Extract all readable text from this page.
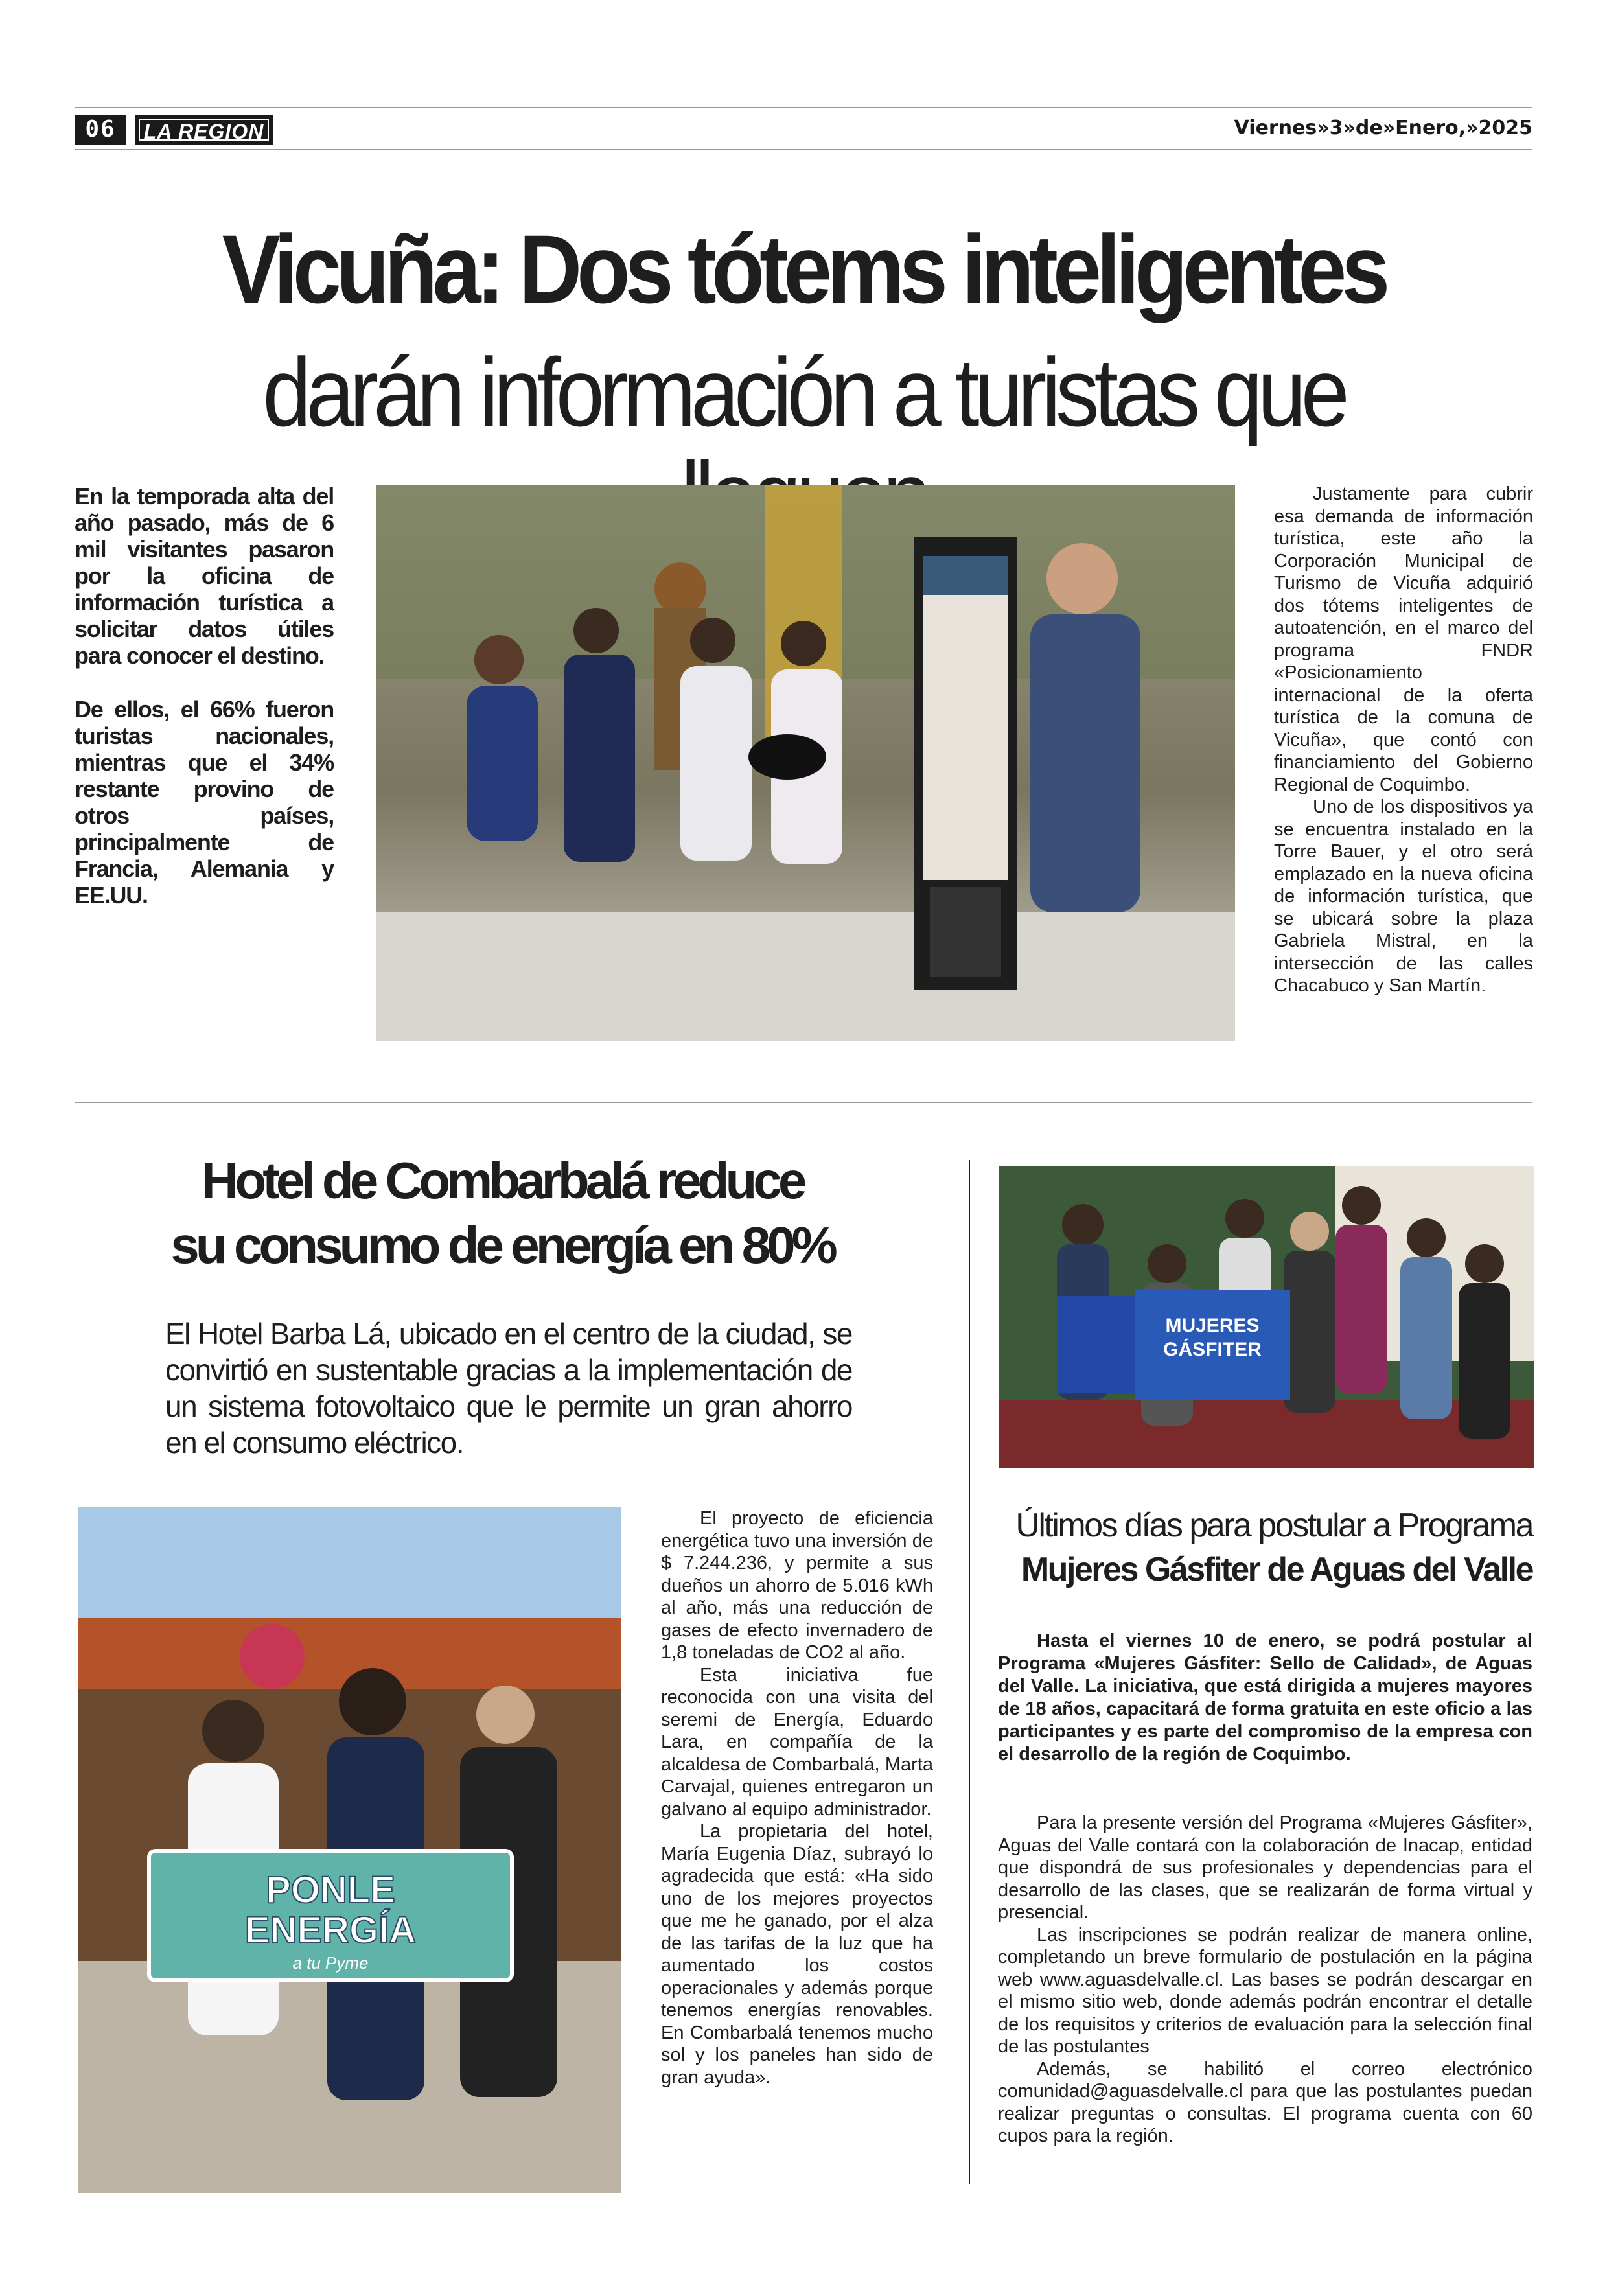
06	LA REGION	Viernes»3»de»Enero,»2025
Vicuña: Dos tótems inteligentes
darán información a turistas que

En la temporada alta del año pasado, más de 6 mil visitantes pasaron por la oficina de información turística a solicitar datos útiles para conocer el destino.

De ellos, el 66% fueron turistas nacionales, mientras que el 34% restante provino de otros países, principalmente de Francia, Alemania y EE.UU.

Justamente para cubrir esa demanda de información turística, este año la Corporación Municipal de Turismo de Vicuña adquirió dos tótems inteligentes de autoatención, en el marco del programa FNDR «Posicionamiento internacional de la oferta turística de la comuna de Vicuña», que contó con financiamiento del Gobierno Regional de Coquimbo.

Uno de los dispositivos ya se encuentra instalado en la Torre Bauer, y el otro será emplazado en la nueva oficina de información turística, que se ubicará sobre la plaza Gabriela Mistral, en la intersección de las calles Chacabuco y San Martín.

Hotel de Combarbalá reduce
su consumo de energía en 80%
El Hotel Barba Lá, ubicado en el centro de la ciudad, se convirtió en sustentable gracias a la implementación de un sistema fotovoltaico que le permite un gran ahorro en el consumo eléctrico.
PONLE
ENERGÍA
a tu Pyme

El proyecto de eficiencia energética tuvo una inversión de $ 7.244.236, y permite a sus dueños un ahorro de 5.016 kWh al año, más una reducción de gases de efecto invernadero de 1,8 toneladas de CO2 al año.

Esta iniciativa fue reconocida con una visita del seremi de Energía, Eduardo Lara, en compañía de la alcaldesa de Combarbalá, Marta Carvajal, quienes entregaron un galvano al equipo administrador.

La propietaria del hotel, María Eugenia Díaz, subrayó lo agradecida que está: «Ha sido uno de los mejores proyectos que me he ganado, por el alza de las tarifas de la luz que ha aumentado los costos operacionales y además porque tenemos energías renovables. En Combarbalá tenemos mucho sol y los paneles han sido de gran ayuda».

MUJERES
GÁSFITER
Últimos días para postular a Programa
Mujeres Gásfiter de Aguas del Valle

Hasta el viernes 10 de enero, se podrá postular al Programa «Mujeres Gásfiter: Sello de Calidad», de Aguas del Valle. La iniciativa, que está dirigida a mujeres mayores de 18 años, capacitará de forma gratuita en este oficio a las participantes y es parte del compromiso de la empresa con el desarrollo de la región de Coquimbo.

Para la presente versión del Programa «Mujeres Gásfiter», Aguas del Valle contará con la colaboración de Inacap, entidad que dispondrá de sus profesionales y dependencias para el desarrollo de las clases, que se realizarán de forma virtual y presencial.

Las inscripciones se podrán realizar de manera online, completando un breve formulario de postulación en la página web www.aguasdelvalle.cl. Las bases se podrán descargar en el mismo sitio web, donde además podrán encontrar el detalle de los requisitos y criterios de evaluación para la selección final de las postulantes

Además, se habilitó el correo electrónico comunidad@aguasdelvalle.cl para que las postulantes puedan realizar preguntas o consultas. El programa cuenta con 60 cupos para la región.
